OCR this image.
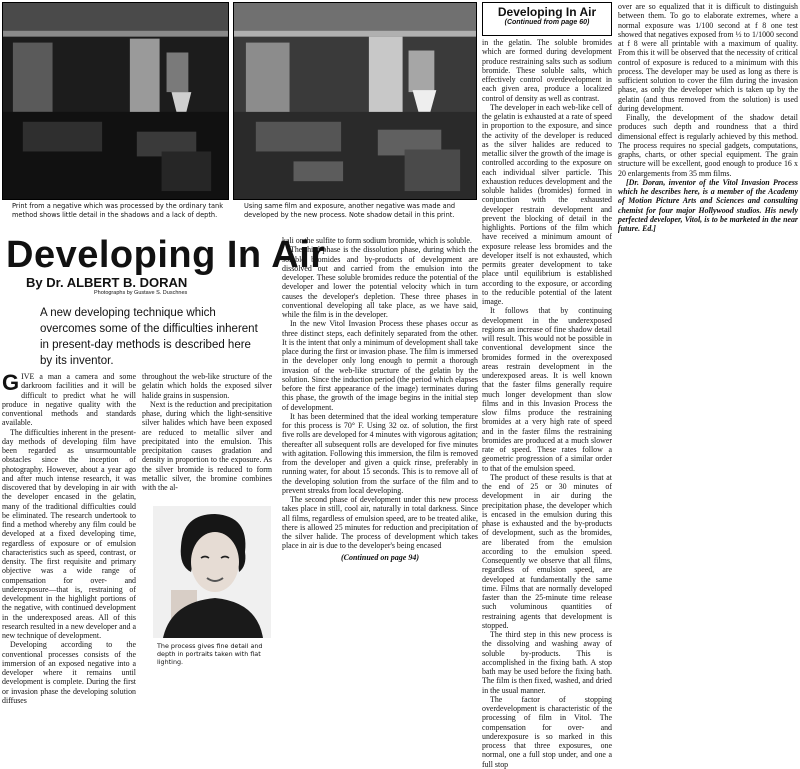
Print from a negative which was processed by the ordinary tank method shows little detail in the shadows and a lack of depth.
Using same film and exposure, another negative was made and developed by the new process. Note shadow detail in this print.
Developing In Air
(Continued from page 60)
Developing In Air
By Dr. ALBERT B. DORAN
Photographs by Gustave S. Duschnes
A new developing technique which overcomes some of the difficulties inherent in present-day methods is described here by its inventor.

GIVE a man a camera and some darkroom facilities and it will be difficult to predict what he will produce in negative quality with the conventional methods and standards available.

The difficulties inherent in the present-day methods of developing film have been regarded as unsurmountable obstacles since the inception of photography. However, about a year ago and after much intense research, it was discovered that by developing in air with the developer encased in the gelatin, many of the traditional difficulties could be eliminated. The research undertook to find a method whereby any film could be developed at a fixed developing time, regardless of exposure or of emulsion characteristics such as speed, contrast, or density. The first requisite and primary objective was a wide range of compensation for over- and underexposure—that is, restraining of development in the highlight portions of the negative, with continued development in the underexposed areas. All of this research resulted in a new developer and a new technique of development.

Developing according to the conventional processes consists of the immersion of an exposed negative into a developer where it remains until development is complete. During the first or invasion phase the developing solution diffuses

throughout the web-like structure of the gelatin which holds the exposed silver halide grains in suspension.

Next is the reduction and precipitation phase, during which the light-sensitive silver halides which have been exposed are reduced to metallic silver and precipitated into the emulsion. This precipitation causes gradation and density in proportion to the exposure. As the silver bromide is reduced to form metallic silver, the bromine combines with the al-

The process gives fine detail and depth in portraits taken with flat lighting.

kali or the sulfite to form sodium bromide, which is soluble.

The third phase is the dissolution phase, during which the soluble bromides and by-products of development are dissolved out and carried from the emulsion into the developer. These soluble bromides reduce the potential of the developer and lower the potential velocity which in turn causes the developer's depletion. These three phases in conventional developing all take place, as we have said, while the film is in the developer.

In the new Vitol Invasion Process these phases occur as three distinct steps, each definitely separated from the other. It is the intent that only a minimum of development shall take place during the first or invasion phase. The film is immersed in the developer only long enough to permit a thorough invasion of the web-like structure of the gelatin by the solution. Since the induction period (the period which elapses before the first appearance of the image) terminates during this phase, the growth of the image begins in the initial step of development.

It has been determined that the ideal working temperature for this process is 70° F. Using 32 oz. of solution, the first five rolls are developed for 4 minutes with vigorous agitation; thereafter all subsequent rolls are developed for five minutes with agitation. Following this immersion, the film is removed from the developer and given a quick rinse, preferably in running water, for about 15 seconds. This is to remove all of the developing solution from the surface of the film and to prevent streaks from local developing.

The second phase of development under this new process takes place in still, cool air, naturally in total darkness. Since all films, regardless of emulsion speed, are to be treated alike, there is allowed 25 minutes for reduction and precipitation of the silver halide. The process of development which takes place in air is due to the developer's being encased

(Continued on page 94)

in the gelatin. The soluble bromides which are formed during development produce restraining salts such as sodium bromide. These soluble salts, which effectively control overdevelopment in each given area, produce a localized control of density as well as contrast.

The developer in each web-like cell of the gelatin is exhausted at a rate of speed in proportion to the exposure, and since the activity of the developer is reduced as the silver halides are reduced to metallic silver the growth of the image is controlled according to the exposure on each individual silver particle. This exhaustion reduces development and the soluble halides (bromides) formed in conjunction with the exhausted developer restrain development and prevent the blocking of detail in the highlights. Portions of the film which have received a minimum amount of exposure release less bromides and the developer itself is not exhausted, which permits greater development to take place until equilibrium is established according to the exposure, or according to the reducible potential of the latent image.

It follows that by continuing development in the underexposed regions an increase of fine shadow detail will result. This would not be possible in conventional development since the bromides formed in the overexposed areas restrain development in the underexposed areas. It is well known that the faster films generally require much longer development than slow films and in this Invasion Process the slow films produce the restraining bromides at a very high rate of speed and in the faster films the restraining bromides are produced at a much slower rate of speed. These rates follow a geometric progression of a similar order to that of the emulsion speed.

The product of these results is that at the end of 25 or 30 minutes of development in air during the precipitation phase, the developer which is encased in the emulsion during this phase is exhausted and the by-products of development, such as the bromides, are liberated from the emulsion according to the emulsion speed. Consequently we observe that all films, regardless of emulsion speed, are developed at fundamentally the same time. Films that are normally developed faster than the 25-minute time release such voluminous quantities of restraining agents that development is stopped.

The third step in this new process is the dissolving and washing away of soluble by-products. This is accomplished in the fixing bath. A stop bath may be used before the fixing bath. The film is then fixed, washed, and dried in the usual manner.

The factor of stopping overdevelopment is characteristic of the processing of film in Vitol. The compensation for over- and underexposure is so marked in this process that three exposures, one normal, one a full stop under, and one a full stop

over are so equalized that it is difficult to distinguish between them. To go to elaborate extremes, where a normal exposure was 1/100 second at f 8 one test showed that negatives exposed from ½ to 1/1000 second at f 8 were all printable with a maximum of quality. From this it will be observed that the necessity of critical control of exposure is reduced to a minimum with this process. The developer may be used as long as there is sufficient solution to cover the film during the invasion phase, as only the developer which is taken up by the gelatin (and thus removed from the solution) is used during development.

Finally, the development of the shadow detail produces such depth and roundness that a third dimensional effect is regularly achieved by this method. The process requires no special gadgets, computations, graphs, charts, or other special equipment. The grain structure will be excellent, good enough to produce 16 x 20 enlargements from 35 mm films.

[Dr. Doran, inventor of the Vitol Invasion Process which he describes here, is a member of the Academy of Motion Picture Arts and Sciences and consulting chemist for four major Hollywood studios. His newly perfected developer, Vitol, is to be marketed in the near future. Ed.]
